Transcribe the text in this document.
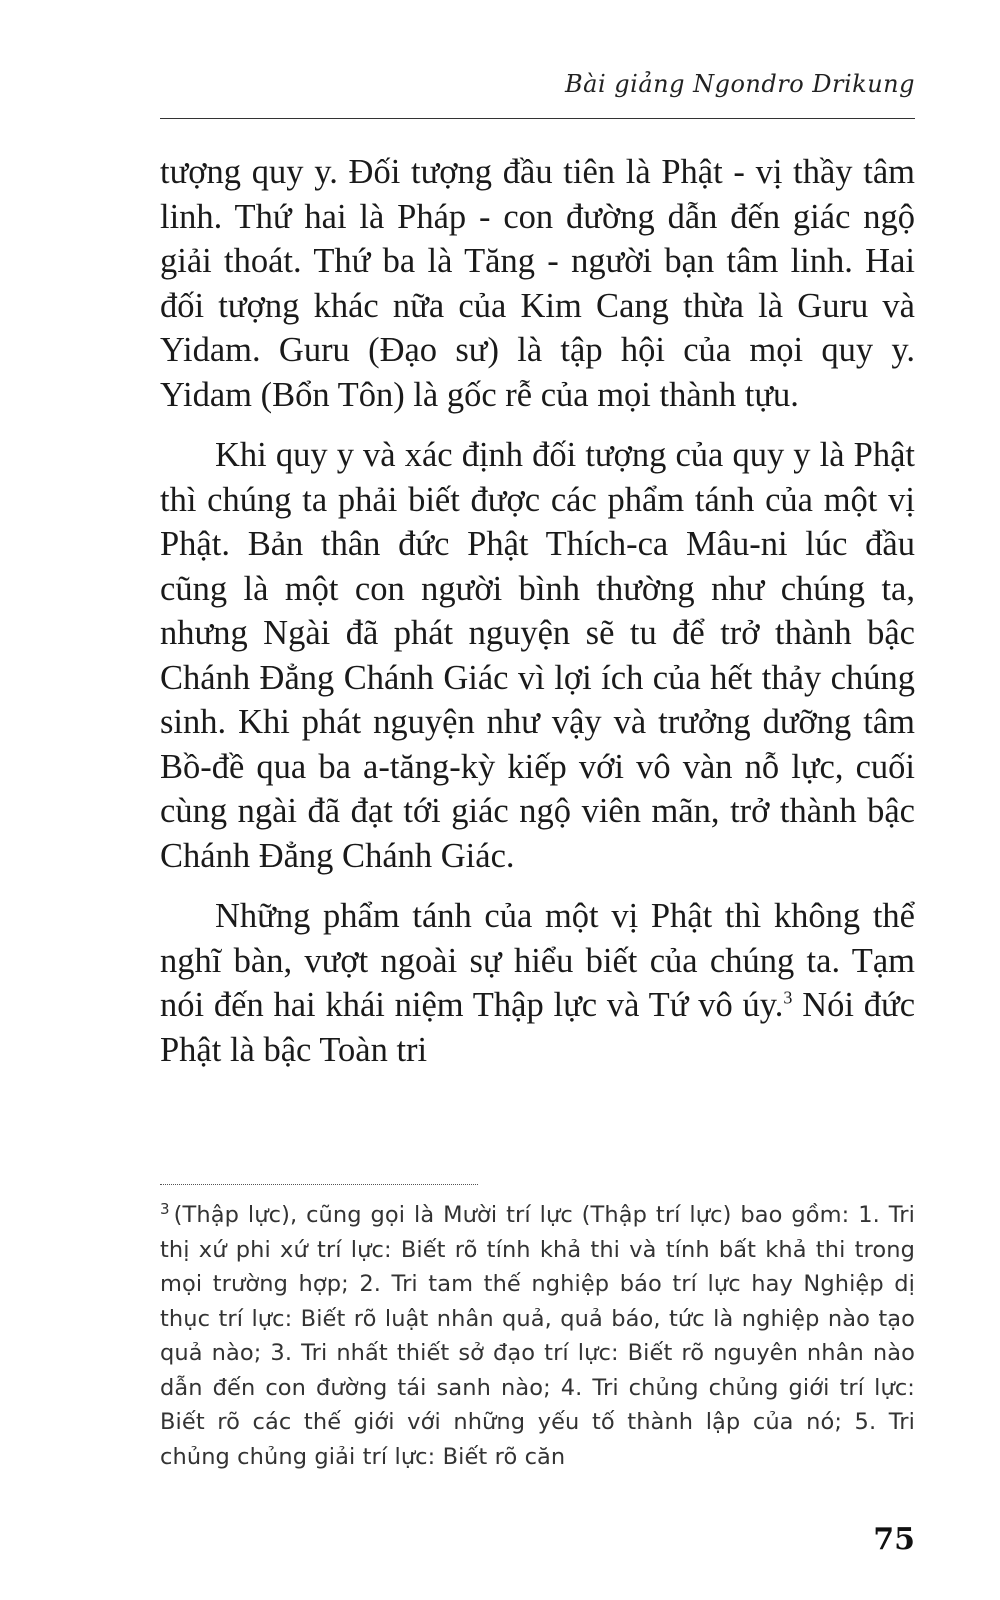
Bài giảng Ngondro Drikung

tượng quy y. Đối tượng đầu tiên là Phật - vị thầy tâm linh. Thứ hai là Pháp - con đường dẫn đến giác ngộ giải thoát. Thứ ba là Tăng - người bạn tâm linh. Hai đối tượng khác nữa của Kim Cang thừa là Guru và Yidam. Guru (Đạo sư) là tập hội của mọi quy y. Yidam (Bổn Tôn) là gốc rễ của mọi thành tựu.

Khi quy y và xác định đối tượng của quy y là Phật thì chúng ta phải biết được các phẩm tánh của một vị Phật. Bản thân đức Phật Thích-ca Mâu-ni lúc đầu cũng là một con người bình thường như chúng ta, nhưng Ngài đã phát nguyện sẽ tu để trở thành bậc Chánh Đẳng Chánh Giác vì lợi ích của hết thảy chúng sinh. Khi phát nguyện như vậy và trưởng dưỡng tâm Bồ-đề qua ba a-tăng-kỳ kiếp với vô vàn nỗ lực, cuối cùng ngài đã đạt tới giác ngộ viên mãn, trở thành bậc Chánh Đẳng Chánh Giác.

Những phẩm tánh của một vị Phật thì không thể nghĩ bàn, vượt ngoài sự hiểu biết của chúng ta. Tạm nói đến hai khái niệm Thập lực và Tứ vô úy.$^3$ Nói đức Phật là bậc Toàn tri

$^3$ (Thập lực), cũng gọi là Mười trí lực (Thập trí lực) bao gồm: 1. Tri thị xứ phi xứ trí lực: Biết rõ tính khả thi và tính bất khả thi trong mọi trường hợp; 2. Tri tam thế nghiệp báo trí lực hay Nghiệp dị thục trí lực: Biết rõ luật nhân quả, quả báo, tức là nghiệp nào tạo quả nào; 3. Tri nhất thiết sở đạo trí lực: Biết rõ nguyên nhân nào dẫn đến con đường tái sanh nào; 4. Tri chủng chủng giới trí lực: Biết rõ các thế giới với những yếu tố thành lập của nó; 5. Tri chủng chủng giải trí lực: Biết rõ căn
75
